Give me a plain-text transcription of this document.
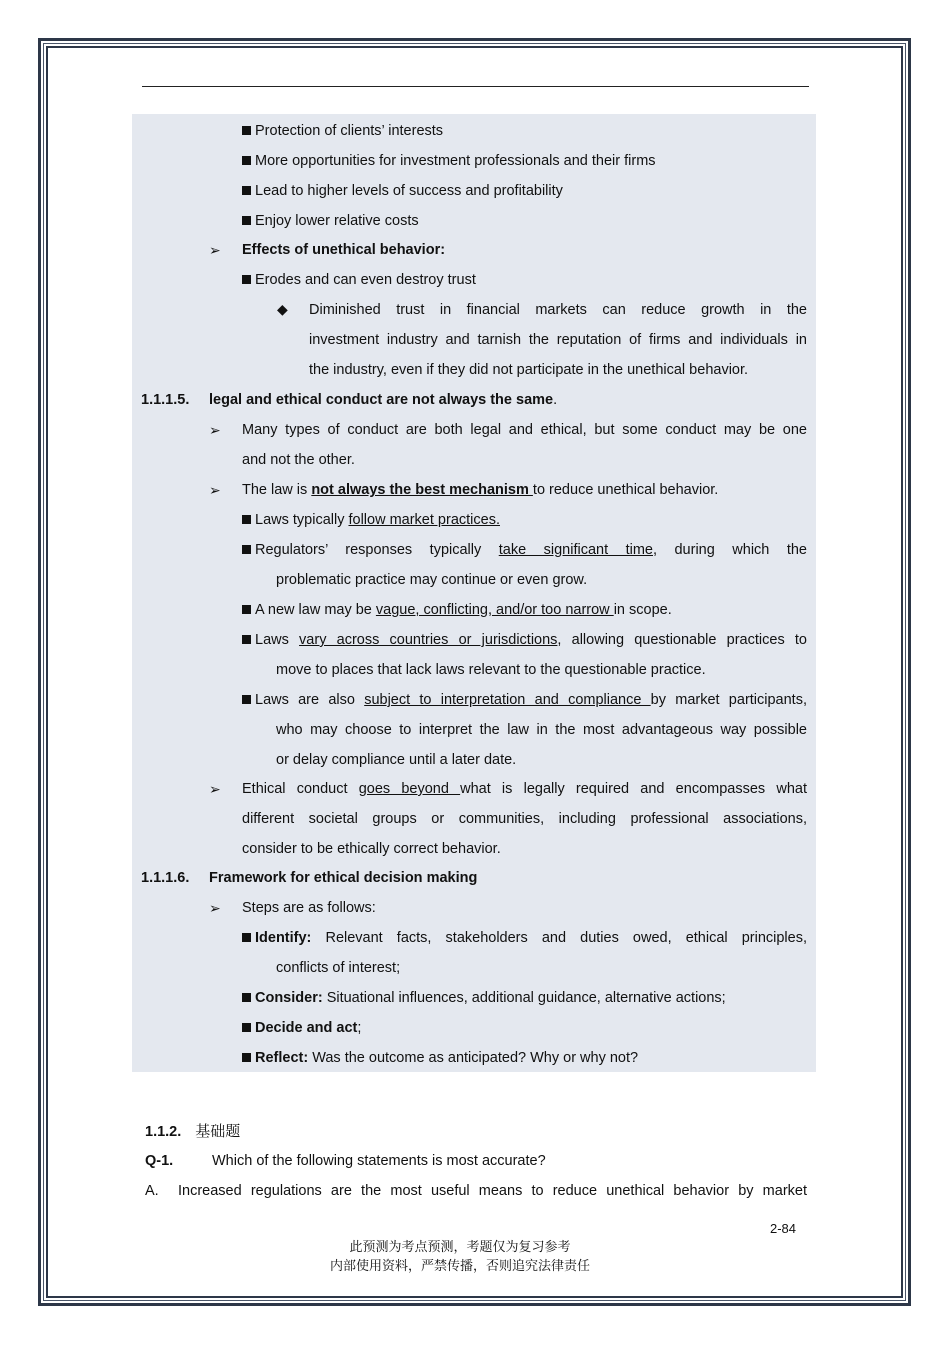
Protection of clients’ interests
More opportunities for investment professionals and their firms
Lead to higher levels of success and profitability
Enjoy lower relative costs
➢ Effects of unethical behavior:
Erodes and can even destroy trust
◆ Diminished trust in financial markets can reduce growth in the
investment industry and tarnish the reputation of firms and individuals in
the industry, even if they did not participate in the unethical behavior.
1.1.1.5. legal and ethical conduct are not always the same.
➢ Many types of conduct are both legal and ethical, but some conduct may be one
and not the other.
➢ The law is not always the best mechanism to reduce unethical behavior.
Laws typically follow market practices.
Regulators’ responses typically take significant time, during which the
problematic practice may continue or even grow.
A new law may be vague, conflicting, and/or too narrow in scope.
Laws vary across countries or jurisdictions, allowing questionable practices to
move to places that lack laws relevant to the questionable practice.
Laws are also subject to interpretation and compliance by market participants,
who may choose to interpret the law in the most advantageous way possible
or delay compliance until a later date.
➢ Ethical conduct goes beyond what is legally required and encompasses what
different societal groups or communities, including professional associations,
consider to be ethically correct behavior.
1.1.1.6. Framework for ethical decision making
➢ Steps are as follows:
Identify: Relevant facts, stakeholders and duties owed, ethical principles,
conflicts of interest;
Consider: Situational influences, additional guidance, alternative actions;
Decide and act;
Reflect: Was the outcome as anticipated? Why or why not?
1.1.2. 基础题
Q-1.	Which of the following statements is most accurate?
A. Increased regulations are the most useful means to reduce unethical behavior by market
2-84
此预测为考点预测，考题仅为复习参考
内部使用资料，严禁传播，否则追究法律责任
